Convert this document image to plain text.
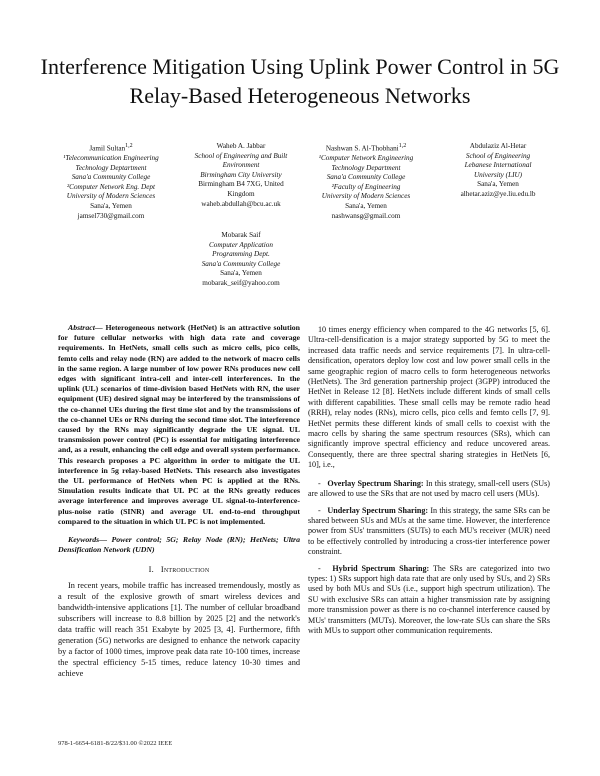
Interference Mitigation Using Uplink Power Control in 5G Relay-Based Heterogeneous Networks
Jamil Sultan$^{1,2}$
¹Telecommunication Engineering
Technology Deptartment
Sana'a Community College
²Computer Network Eng. Dept
University of Modern Sciences
Sana'a, Yemen
jamsel730@gmail.com
Waheb A. Jabbar
School of Engineering and Built
Environment
Birmingham City University
Birmingham B4 7XG, United
Kingdom
waheb.abdullah@bcu.ac.uk
Nashwan S. Al-Thobhani$^{1,2}$
¹Computer Network Engineering
Technology Department
Sana'a Community College
²Faculty of Engineering
University of Modern Sciences
Sana'a, Yemen
nashwansg@gmail.com
Abdulaziz Al-Hetar
School of Engineering
Lebanese International
University (LIU)
Sana'a, Yemen
alhetar.aziz@ye.liu.edu.lb
Mobarak Saif
Computer Application
Programming Dept.
Sana'a Community College
Sana'a, Yemen
mobarak_seif@yahoo.com

Abstract— Heterogeneous network (HetNet) is an attractive solution for future cellular networks with high data rate and coverage requirements. In HetNets, small cells such as micro cells, pico cells, femto cells and relay node (RN) are added to the network of macro cells in the same region. A large number of low power RNs produces new cell edges with significant intra-cell and inter-cell interferences. In the uplink (UL) scenarios of time-division based HetNets with RN, the user equipment (UE) desired signal may be interfered by the transmissions of the co-channel UEs during the first time slot and by the transmissions of the co-channel UEs or RNs during the second time slot. The interference caused by the RNs may significantly degrade the UE signal. UL transmission power control (PC) is essential for mitigating interference and, as a result, enhancing the cell edge and overall system performance. This research proposes a PC algorithm in order to mitigate the UL interference in 5g relay-based HetNets. This research also investigates the UL performance of HetNets when PC is applied at the RNs. Simulation results indicate that UL PC at the RNs greatly reduces average interference and improves average UL signal-to-interference-plus-noise ratio (SINR) and average UL end-to-end throughput compared to the situation in which UL PC is not implemented.

Keywords— Power control; 5G; Relay Node (RN); HetNets; Ultra Densification Network (UDN)

I. Introduction

In recent years, mobile traffic has increased tremendously, mostly as a result of the explosive growth of smart wireless devices and bandwidth-intensive applications [1]. The number of cellular broadband subscribers will increase to 8.8 billion by 2025 [2] and the network's data traffic will reach 351 Exabyte by 2025 [3, 4]. Furthermore, fifth generation (5G) networks are designed to enhance the network capacity by a factor of 1000 times, improve peak data rate 10-100 times, increase the spectral efficiency 5-15 times, reduce latency 10-30 times and achieve

10 times energy efficiency when compared to the 4G networks [5, 6]. Ultra-cell-densification is a major strategy supported by 5G to meet the increased data traffic needs and service requirements [7]. In ultra-cell-densification, operators deploy low cost and low power small cells in the same geographic region of macro cells to form heterogeneous networks (HetNets). The 3rd generation partnership project (3GPP) introduced the HetNet in Release 12 [8]. HetNets include different kinds of small cells with different capabilities. These small cells may be remote radio head (RRH), relay nodes (RNs), micro cells, pico cells and femto cells [7, 9]. HetNet permits these different kinds of small cells to coexist with the macro cells by sharing the same spectrum resources (SRs), which can significantly improve spectral efficiency and reduce uncovered areas. Consequently, there are three spectral sharing strategies in HetNets [6, 10], i.e.,

- Overlay Spectrum Sharing: In this strategy, small-cell users (SUs) are allowed to use the SRs that are not used by macro cell users (MUs).

- Underlay Spectrum Sharing: In this strategy, the same SRs can be shared between SUs and MUs at the same time. However, the interference power from SUs' transmitters (SUTs) to each MU's receiver (MUR) need to be effectively controlled by introducing a cross-tier interference power constraint.

- Hybrid Spectrum Sharing: The SRs are categorized into two types: 1) SRs support high data rate that are only used by SUs, and 2) SRs used by both MUs and SUs (i.e., support high spectrum utilization). The SU with exclusive SRs can attain a higher transmission rate by assigning more transmission power as there is no co-channel interference caused by MUs' transmitters (MUTs). Moreover, the low-rate SUs can share the SRs with MUs to support other communication requirements.

978-1-6654-6181-8/22/$31.00 ©2022 IEEE
